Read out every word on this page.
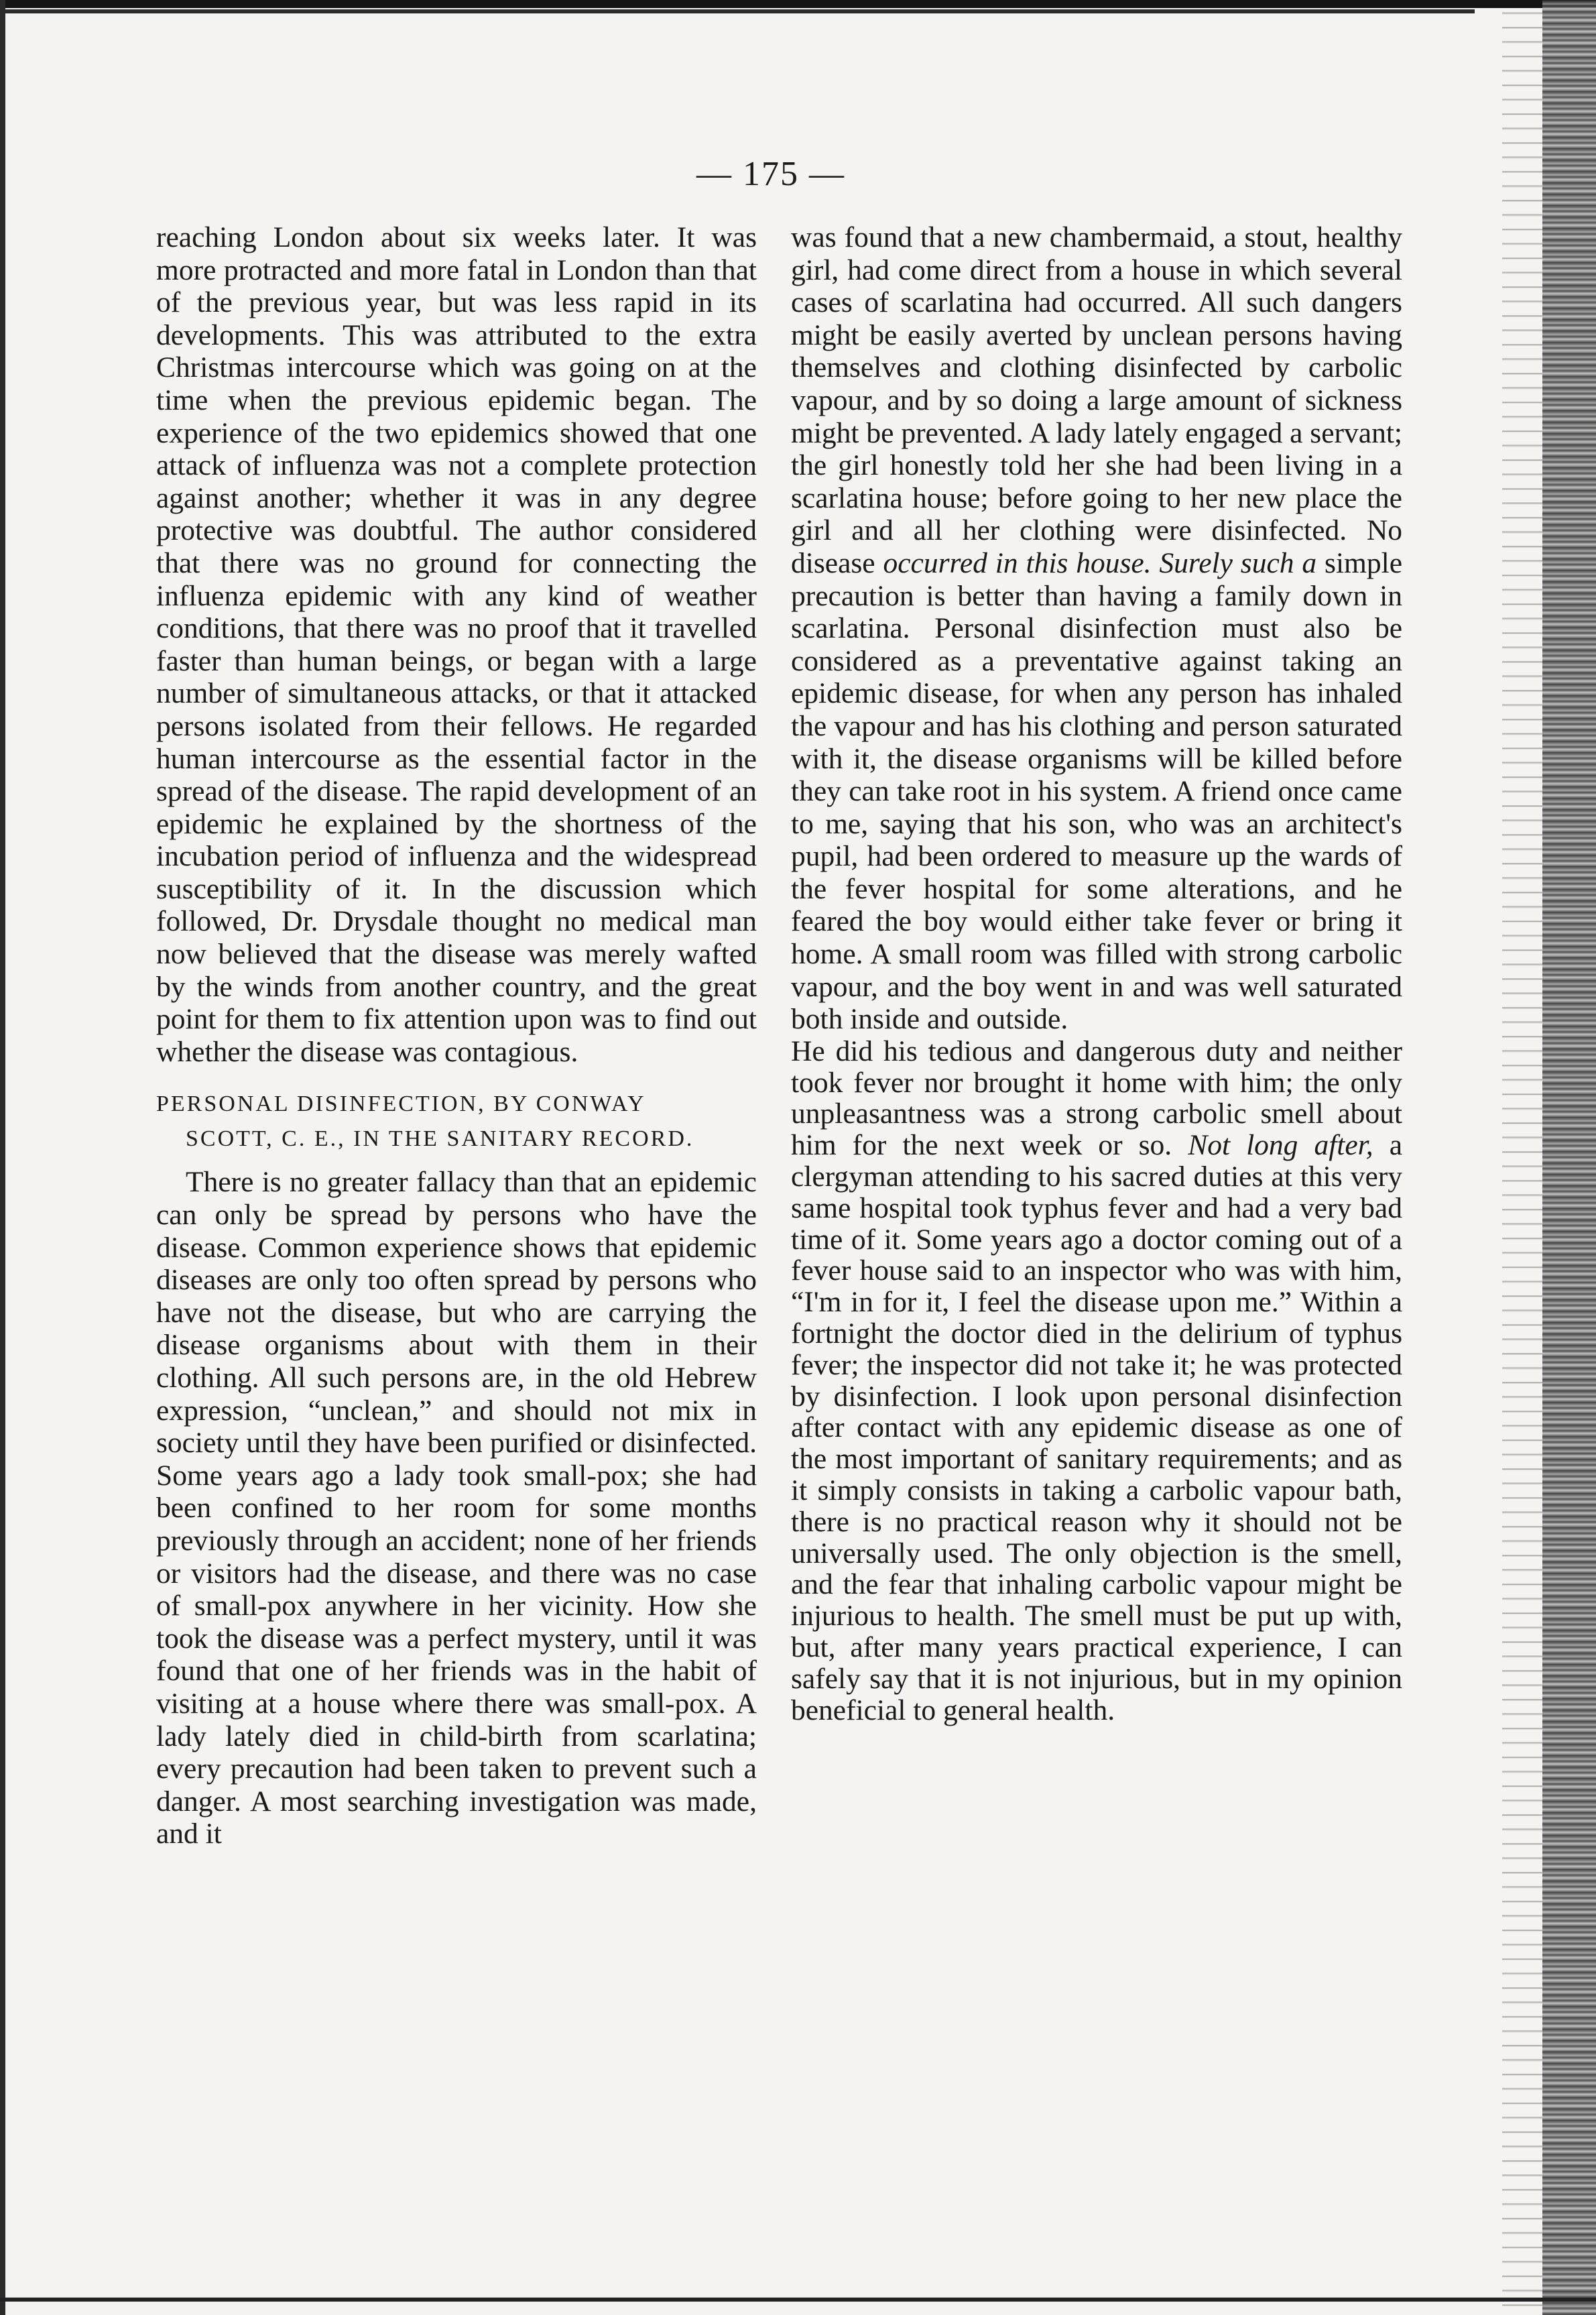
— 175 —

reaching London about six weeks later. It was more protracted and more fatal in London than that of the previous year, but was less rapid in its developments. This was attributed to the extra Christmas intercourse which was going on at the time when the previous epidemic began. The experience of the two epidemics showed that one attack of influenza was not a complete protection against another; whether it was in any degree protective was doubtful. The author considered that there was no ground for connecting the influenza epidemic with any kind of weather conditions, that there was no proof that it travelled faster than human beings, or began with a large number of simultaneous attacks, or that it attacked persons isolated from their fellows. He regarded human intercourse as the essential factor in the spread of the disease. The rapid development of an epidemic he explained by the shortness of the incubation period of influenza and the widespread susceptibility of it. In the discussion which followed, Dr. Drysdale thought no medical man now believed that the disease was merely wafted by the winds from another country, and the great point for them to fix attention upon was to find out whether the disease was contagious.

PERSONAL DISINFECTION, BY CONWAY
SCOTT, C. E., IN THE SANITARY RECORD.

There is no greater fallacy than that an epidemic can only be spread by persons who have the disease. Common experience shows that epidemic diseases are only too often spread by persons who have not the disease, but who are carrying the disease organisms about with them in their clothing. All such persons are, in the old Hebrew expression, “unclean,” and should not mix in society until they have been purified or disinfected. Some years ago a lady took small-pox; she had been confined to her room for some months previously through an accident; none of her friends or visitors had the disease, and there was no case of small-pox anywhere in her vicinity. How she took the disease was a perfect mystery, until it was found that one of her friends was in the habit of visiting at a house where there was small-pox. A lady lately died in child-birth from scarlatina; every precaution had been taken to prevent such a danger. A most searching investigation was made, and it

was found that a new chambermaid, a stout, healthy girl, had come direct from a house in which several cases of scarlatina had occurred. All such dangers might be easily averted by unclean persons having themselves and clothing disinfected by carbolic vapour, and by so doing a large amount of sickness might be prevented. A lady lately engaged a servant; the girl honestly told her she had been living in a scarlatina house; before going to her new place the girl and all her clothing were disinfected. No disease occurred in this house. Surely such a simple precaution is better than having a family down in scarlatina. Personal disinfection must also be considered as a preventative against taking an epidemic disease, for when any person has inhaled the vapour and has his clothing and person saturated with it, the disease organisms will be killed before they can take root in his system. A friend once came to me, saying that his son, who was an architect's pupil, had been ordered to measure up the wards of the fever hospital for some alterations, and he feared the boy would either take fever or bring it home. A small room was filled with strong carbolic vapour, and the boy went in and was well saturated both inside and outside.

He did his tedious and dangerous duty and neither took fever nor brought it home with him; the only unpleasantness was a strong carbolic smell about him for the next week or so. Not long after, a clergyman attending to his sacred duties at this very same hospital took typhus fever and had a very bad time of it. Some years ago a doctor coming out of a fever house said to an inspector who was with him, “I'm in for it, I feel the disease upon me.” Within a fortnight the doctor died in the delirium of typhus fever; the inspector did not take it; he was protected by disinfection. I look upon personal disinfection after contact with any epidemic disease as one of the most important of sanitary requirements; and as it simply consists in taking a carbolic vapour bath, there is no practical reason why it should not be universally used. The only objection is the smell, and the fear that inhaling carbolic vapour might be injurious to health. The smell must be put up with, but, after many years practical experience, I can safely say that it is not injurious, but in my opinion beneficial to general health.
